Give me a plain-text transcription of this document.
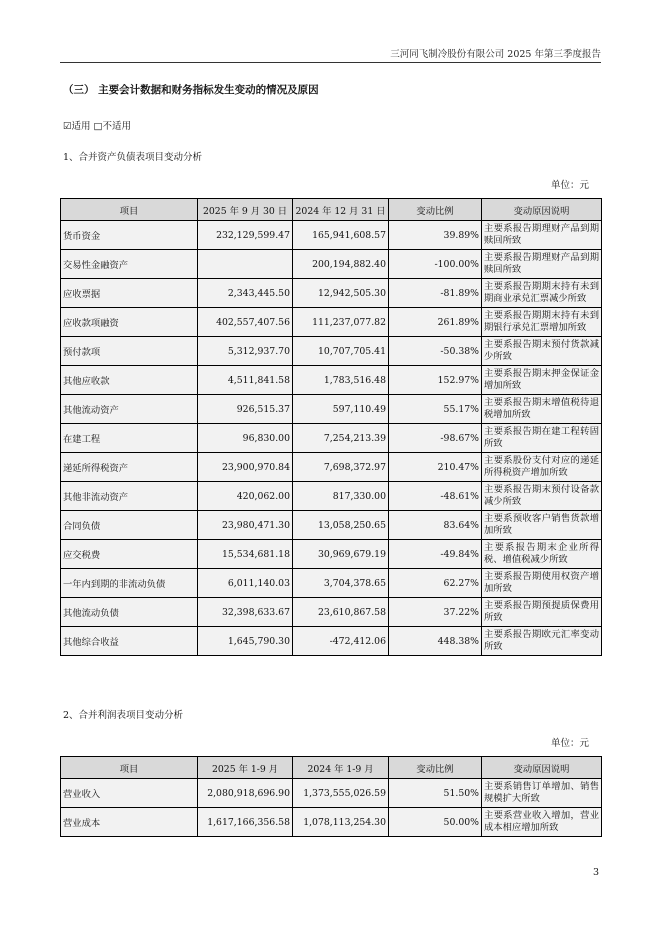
三河同飞制冷股份有限公司 2025 年第三季度报告
（三） 主要会计数据和财务指标发生变动的情况及原因
☑适用 □不适用
1、合并资产负债表项目变动分析
单位：元
项目	2025 年 9 月 30 日	2024 年 12 月 31 日	变动比例	变动原因说明
货币资金	232,129,599.47	165,941,608.57	39.89%	主要系报告期理财产品到期赎回所致
交易性金融资产		200,194,882.40	-100.00%	主要系报告期理财产品到期赎回所致
应收票据	2,343,445.50	12,942,505.30	-81.89%	主要系报告期期末持有未到期商业承兑汇票减少所致
应收款项融资	402,557,407.56	111,237,077.82	261.89%	主要系报告期期末持有未到期银行承兑汇票增加所致
预付款项	5,312,937.70	10,707,705.41	-50.38%	主要系报告期末预付货款减少所致
其他应收款	4,511,841.58	1,783,516.48	152.97%	主要系报告期末押金保证金增加所致
其他流动资产	926,515.37	597,110.49	55.17%	主要系报告期末增值税待退税增加所致
在建工程	96,830.00	7,254,213.39	-98.67%	主要系报告期在建工程转固所致
递延所得税资产	23,900,970.84	7,698,372.97	210.47%	主要系股份支付对应的递延所得税资产增加所致
其他非流动资产	420,062.00	817,330.00	-48.61%	主要系报告期末预付设备款减少所致
合同负债	23,980,471.30	13,058,250.65	83.64%	主要系预收客户销售货款增加所致
应交税费	15,534,681.18	30,969,679.19	-49.84%	主要系报告期末企业所得税、增值税减少所致
一年内到期的非流动负债	6,011,140.03	3,704,378.65	62.27%	主要系报告期使用权资产增加所致
其他流动负债	32,398,633.67	23,610,867.58	37.22%	主要系报告期预提质保费用所致
其他综合收益	1,645,790.30	-472,412.06	448.38%	主要系报告期欧元汇率变动所致
2、合并利润表项目变动分析
单位：元
项目	2025 年 1-9 月	2024 年 1-9 月	变动比例	变动原因说明
营业收入	2,080,918,696.90	1,373,555,026.59	51.50%	主要系销售订单增加、销售规模扩大所致
营业成本	1,617,166,356.58	1,078,113,254.30	50.00%	主要系营业收入增加，营业成本相应增加所致
3
